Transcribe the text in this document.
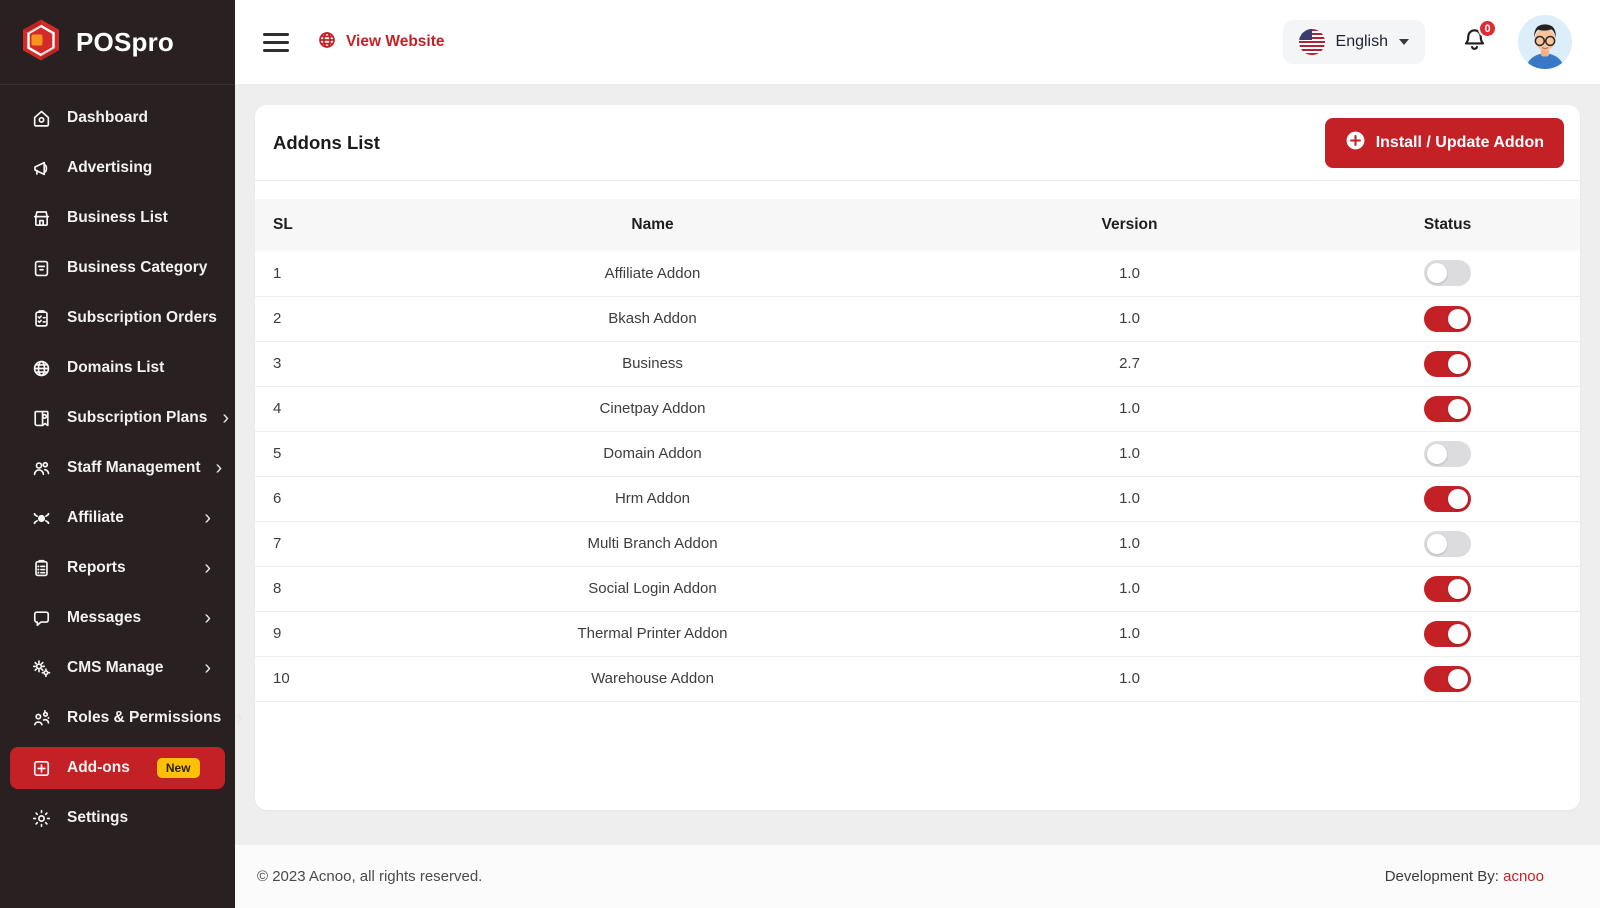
POSpro
Dashboard
Advertising
Business List
Business Category
Subscription Orders
Domains List
Subscription Plans ›
Staff Management ›
Affiliate	›
Reports	›
Messages	›
CMS Manage ›
Roles & Permissions ›
Add-ons	New
Settings
View Website	English
0
Addons List	Install / Update Addon
SL	Name	Version	Status
1	Affiliate Addon	1.0	
2	Bkash Addon	1.0	
3	Business	2.7	
4	Cinetpay Addon	1.0	
5	Domain Addon	1.0	
6	Hrm Addon	1.0	
7	Multi Branch Addon	1.0	
8	Social Login Addon	1.0	
9	Thermal Printer Addon	1.0	
10	Warehouse Addon	1.0	
© 2023 Acnoo, all rights reserved.	Development By: acnoo
